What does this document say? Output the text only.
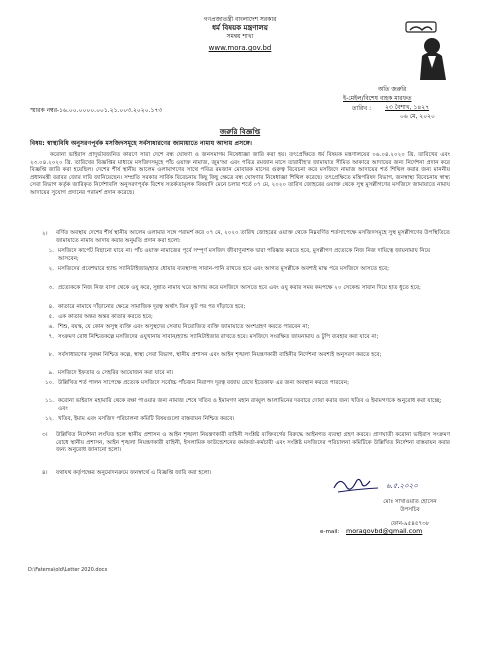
গণপ্রজাতন্ত্রী বাংলাদেশ সরকার
ধর্ম বিষয়ক মন্ত্রণালয়
সমন্বয় শাখা
www.mora.gov.bd
অতি জরুরি
ই-মেইল/বিশেষ বাহক মারফত
তারিখ :	২৩ বৈশাখ, ১৪২৭
০৬ মে, ২০২০
স্মারক নম্বর-১৬.০০.০০০০.০০১.২১.০০৩.২০২০.১৭৩
জরুরি বিজ্ঞপ্তি
বিষয়: স্বাস্থ্যবিধি অনুসরণপূর্বক মসজিদসমূহে সর্বসাধারণের জামায়াতে নামায আদায় প্রসঙ্গে।
করোনা ভাইরাস প্রাদুর্ভাবজনিত কারণে সারা দেশে বন্ধ ঘোষণা ও জনসমাগম নিষেধাজ্ঞা জারি করা হয়। তৎপ্রেক্ষিতে ধর্ম বিষয়ক মন্ত্রণালয়ের ০৬.০৪.২০২০ খ্রি. তারিখের এবং ২৩.০৪.২০২০ খ্রি. তারিখের বিজ্ঞপ্তির মাধ্যমে মসজিদসমূহে পাঁচ ওয়াক্ত নামাজ, জুম'আ এবং পবিত্র রমজান মাসে তারাবীহ'র জামায়াত সীমিত আকারে আদায়ের জন্য নির্দেশনা প্রদান করে বিজ্ঞপ্তি জারি করা হয়েছিল। দেশের শীর্ষ স্থানীয় আলেম ওলামাগণের সাথে পবিত্র রমজান মোবারক মাসের গুরুত্ব বিবেচনা করে মসজিদে নামাজ আদায়ের শর্ত শিথিল করার জন্য মাননীয় প্রধানমন্ত্রী বরাবর জোর দাবি জানিয়েছেন। সম্প্রতি সরকার সার্বিক বিবেচনায় কিছু কিছু ক্ষেত্রে বন্ধ ঘোষণার নিষেধাজ্ঞা শিথিল করেছে। তৎপ্রেক্ষিতে মন্ত্রিপরিষদ বিভাগ, জনস্বাস্থ্য বিবেচনায় স্বাস্থ্য সেবা বিভাগ কর্তৃক জারিকৃত নির্দেশাবলি অনুসরণপূর্বক বিশেষ সতর্কতামূলক বিষয়াদি মেনে চলার শর্তে ০৭ মে, ২০২০ তারিখ জোহরের ওয়াক্ত থেকে সুস্থ মুসল্লীগণের মসজিদে জামায়াতে নামায আদায়ের সুযোগ প্রদানের পরামর্শ প্রদান করেছে।
২।	বর্ণিত অবস্থায় দেশের শীর্ষ স্থানীয় আলেম ওলামার সঙ্গে পরামর্শ করে ০৭ মে, ২০২০ তারিখ জোহরের ওয়াক্ত থেকে নিম্নবর্ণিত শর্তসাপেক্ষে মসজিদসমূহে সুস্থ মুসল্লীগণের উপস্থিতিতে জামায়াতে নামায আদায় করার অনুমতি প্রদান করা হলো:
১. মসজিদে কার্পেট বিছানো যাবে না। পাঁচ ওয়াক্ত নামাজের পূর্বে সম্পূর্ণ মসজিদ জীবাণুনাশক দ্বারা পরিষ্কার করতে হবে, মুসল্লীগণ প্রত্যেকে নিজ নিজ দায়িত্বে জায়নামায নিয়ে আসবেন;
২. মসজিদের প্রবেশদ্বারে হ্যান্ড স্যানিটাইজার/হাত ধোয়ার ব্যবস্থাসহ সাবান-পানি রাখতে হবে এবং আগত মুসল্লীকে অবশ্যই মাস্ক পরে মসজিদে আসতে হবে;
৩. প্রত্যেককে নিজ নিজ বাসা থেকে ওযু করে, সুন্নাত নামায ঘরে আদায় করে মসজিদে আসতে হবে এবং ওযু করার সময় কমপক্ষে ২০ সেকেন্ড সাবান দিয়ে হাত ধুতে হবে;
৪. কাতারে নামাযে দাঁড়ানোর ক্ষেত্রে সামাজিক দূরত্ব অর্থাৎ তিন ফুট পর পর দাঁড়াতে হবে;
৫. এক কাতার অন্তর অন্তর কাতার করতে হবে;
৬. শিশু, বয়স্ক, যে কোন অসুস্থ ব্যক্তি এবং অসুস্থদের সেবায় নিয়োজিত ব্যক্তি জামায়াতে অংশগ্রহণ করতে পারবেন না;
৭. সংক্রমণ রোধ নিশ্চিতকল্পে মসজিদের ওযুখানায় সাবান/হ্যান্ড স্যানিটাইজার রাখতে হবে। মসজিদে সংরক্ষিত জায়নামায ও টুপি ব্যবহার করা যাবে না;
৮. সর্বসাধারণের সুরক্ষা নিশ্চিত কল্পে, স্বাস্থ্য সেবা বিভাগ, স্থানীয় প্রশাসন এবং আইন শৃঙ্খলা নিয়ন্ত্রণকারী বাহিনীর নির্দেশনা অবশ্যই অনুসরণ করতে হবে;
৯. মসজিদে ইফতার ও সেহরির আয়োজন করা যাবে না।
১০. উল্লিখিত শর্ত পালন সাপেক্ষে প্রত্যেক মসজিদে সর্বোচ্চ পাঁচজন নিরাপদ দূরত্ব বজায় রেখে ইতেকাফ এর জন্য অবস্থান করতে পারবেন;
১১. করোনা ভাইরাস মহামারি থেকে রক্ষা পাওয়ার জন্য নামাজ শেষে খতিব ও ইমামগণ মহান রাব্বুল আলামিনের দরবারে দোয়া করার জন্য খতিব ও ইমামগণকে অনুরোধ করা যাচ্ছে; এবং
১২. খতিব, ইমাম এবং মসজিদ পরিচালনা কমিটি বিষয়গুলো বাস্তবায়ন নিশ্চিত করবে।
৩।	উল্লিখিত নির্দেশনা লংঘিত হলে স্থানীয় প্রশাসন ও আইন শৃঙ্খলা নিয়ন্ত্রণকারী বাহিনী সংশ্লিষ্ট ব্যক্তিবর্গের বিরুদ্ধে আইনগত ব্যবস্থা গ্রহণ করবে। প্রাণঘাতী করোনা ভাইরাস সংক্রমণ রোধে স্থানীয় প্রশাসন, আইন শৃঙ্খলা নিয়ন্ত্রণকারী বাহিনী, ইসলামিক ফাউন্ডেশনের কর্মকর্তা-কর্মচারী এবং সংশ্লিষ্ট মসজিদের পরিচালনা কমিটিকে উল্লিখিত নির্দেশনা বাস্তবায়ন করার জন্য অনুরোধ জানানো হলো।
৪।	যথাযথ কর্তৃপক্ষের অনুমোদনক্রমে জনস্বার্থে এ বিজ্ঞপ্তি জারি করা হলো।
৬.৫.২০২০
মোঃ সাখাওয়াত হোসেন
উপসচিব
ফোন-৯৫৪৫৭৩৮
e-mail:	moragovbd@gmail.com
D:\Fatema\old\Letter 2020.docx
